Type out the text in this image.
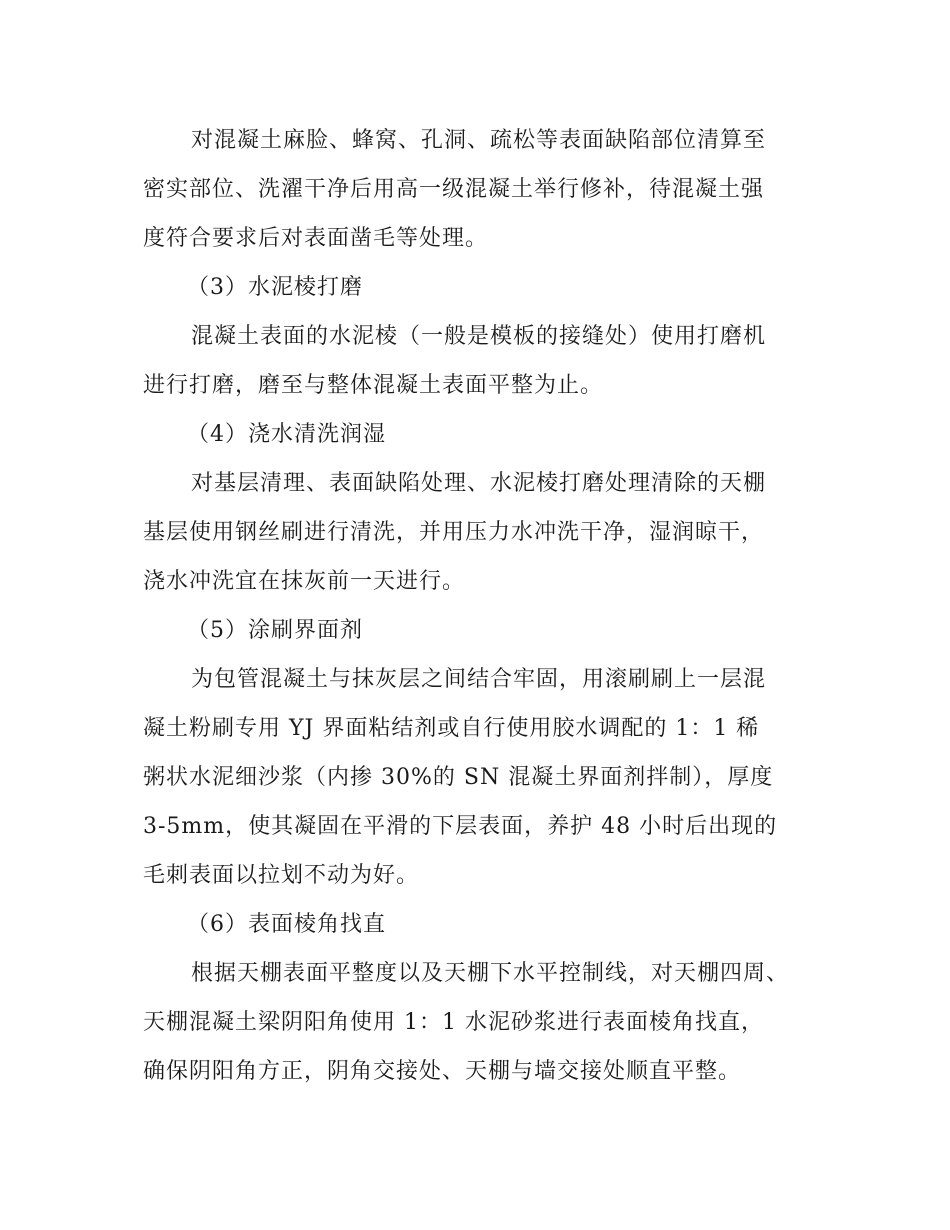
对混凝土麻脸、蜂窝、孔洞、疏松等表面缺陷部位清算至
密实部位、洗濯干净后用高一级混凝土举行修补，待混凝土强
度符合要求后对表面凿毛等处理。
（3）水泥棱打磨
混凝土表面的水泥棱（一般是模板的接缝处）使用打磨机
进行打磨，磨至与整体混凝土表面平整为止。
（4）浇水清洗润湿
对基层清理、表面缺陷处理、水泥棱打磨处理清除的天棚
基层使用钢丝刷进行清洗，并用压力水冲洗干净，湿润晾干，
浇水冲洗宜在抹灰前一天进行。
（5）涂刷界面剂
为包管混凝土与抹灰层之间结合牢固，用滚刷刷上一层混
凝土粉刷专用 YJ 界面粘结剂或自行使用胶水调配的 1：1 稀
粥状水泥细沙浆（内掺 30%的 SN 混凝土界面剂拌制），厚度
3-5mm，使其凝固在平滑的下层表面，养护 48 小时后出现的
毛刺表面以拉划不动为好。
（6）表面棱角找直
根据天棚表面平整度以及天棚下水平控制线，对天棚四周、
天棚混凝土梁阴阳角使用 1：1 水泥砂浆进行表面棱角找直，
确保阴阳角方正，阴角交接处、天棚与墙交接处顺直平整。
